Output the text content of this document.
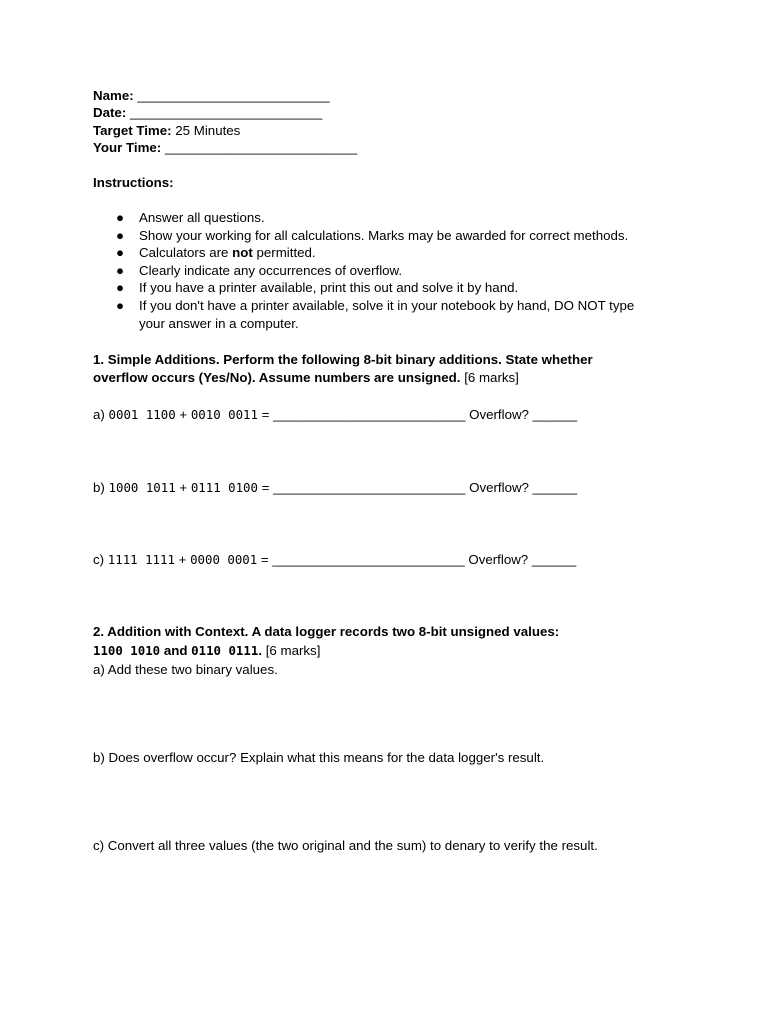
Name: __________________________
Date: __________________________
Target Time: 25 Minutes
Your Time: __________________________
Instructions:
● Answer all questions.
● Show your working for all calculations. Marks may be awarded for correct methods.
● Calculators are not permitted.
● Clearly indicate any occurrences of overflow.
● If you have a printer available, print this out and solve it by hand.
● If you don't have a printer available, solve it in your notebook by hand, DO NOT type
your answer in a computer.
1. Simple Additions. Perform the following 8-bit binary additions. State whether
overflow occurs (Yes/No). Assume numbers are unsigned. [6 marks]
a) 0001 1100 + 0010 0011 = __________________________ Overflow? ______
b) 1000 1011 + 0111 0100 = __________________________ Overflow? ______
c) 1111 1111 + 0000 0001 = __________________________ Overflow? ______
2. Addition with Context. A data logger records two 8-bit unsigned values:
1100 1010 and 0110 0111. [6 marks]
a) Add these two binary values.
b) Does overflow occur? Explain what this means for the data logger's result.
c) Convert all three values (the two original and the sum) to denary to verify the result.
